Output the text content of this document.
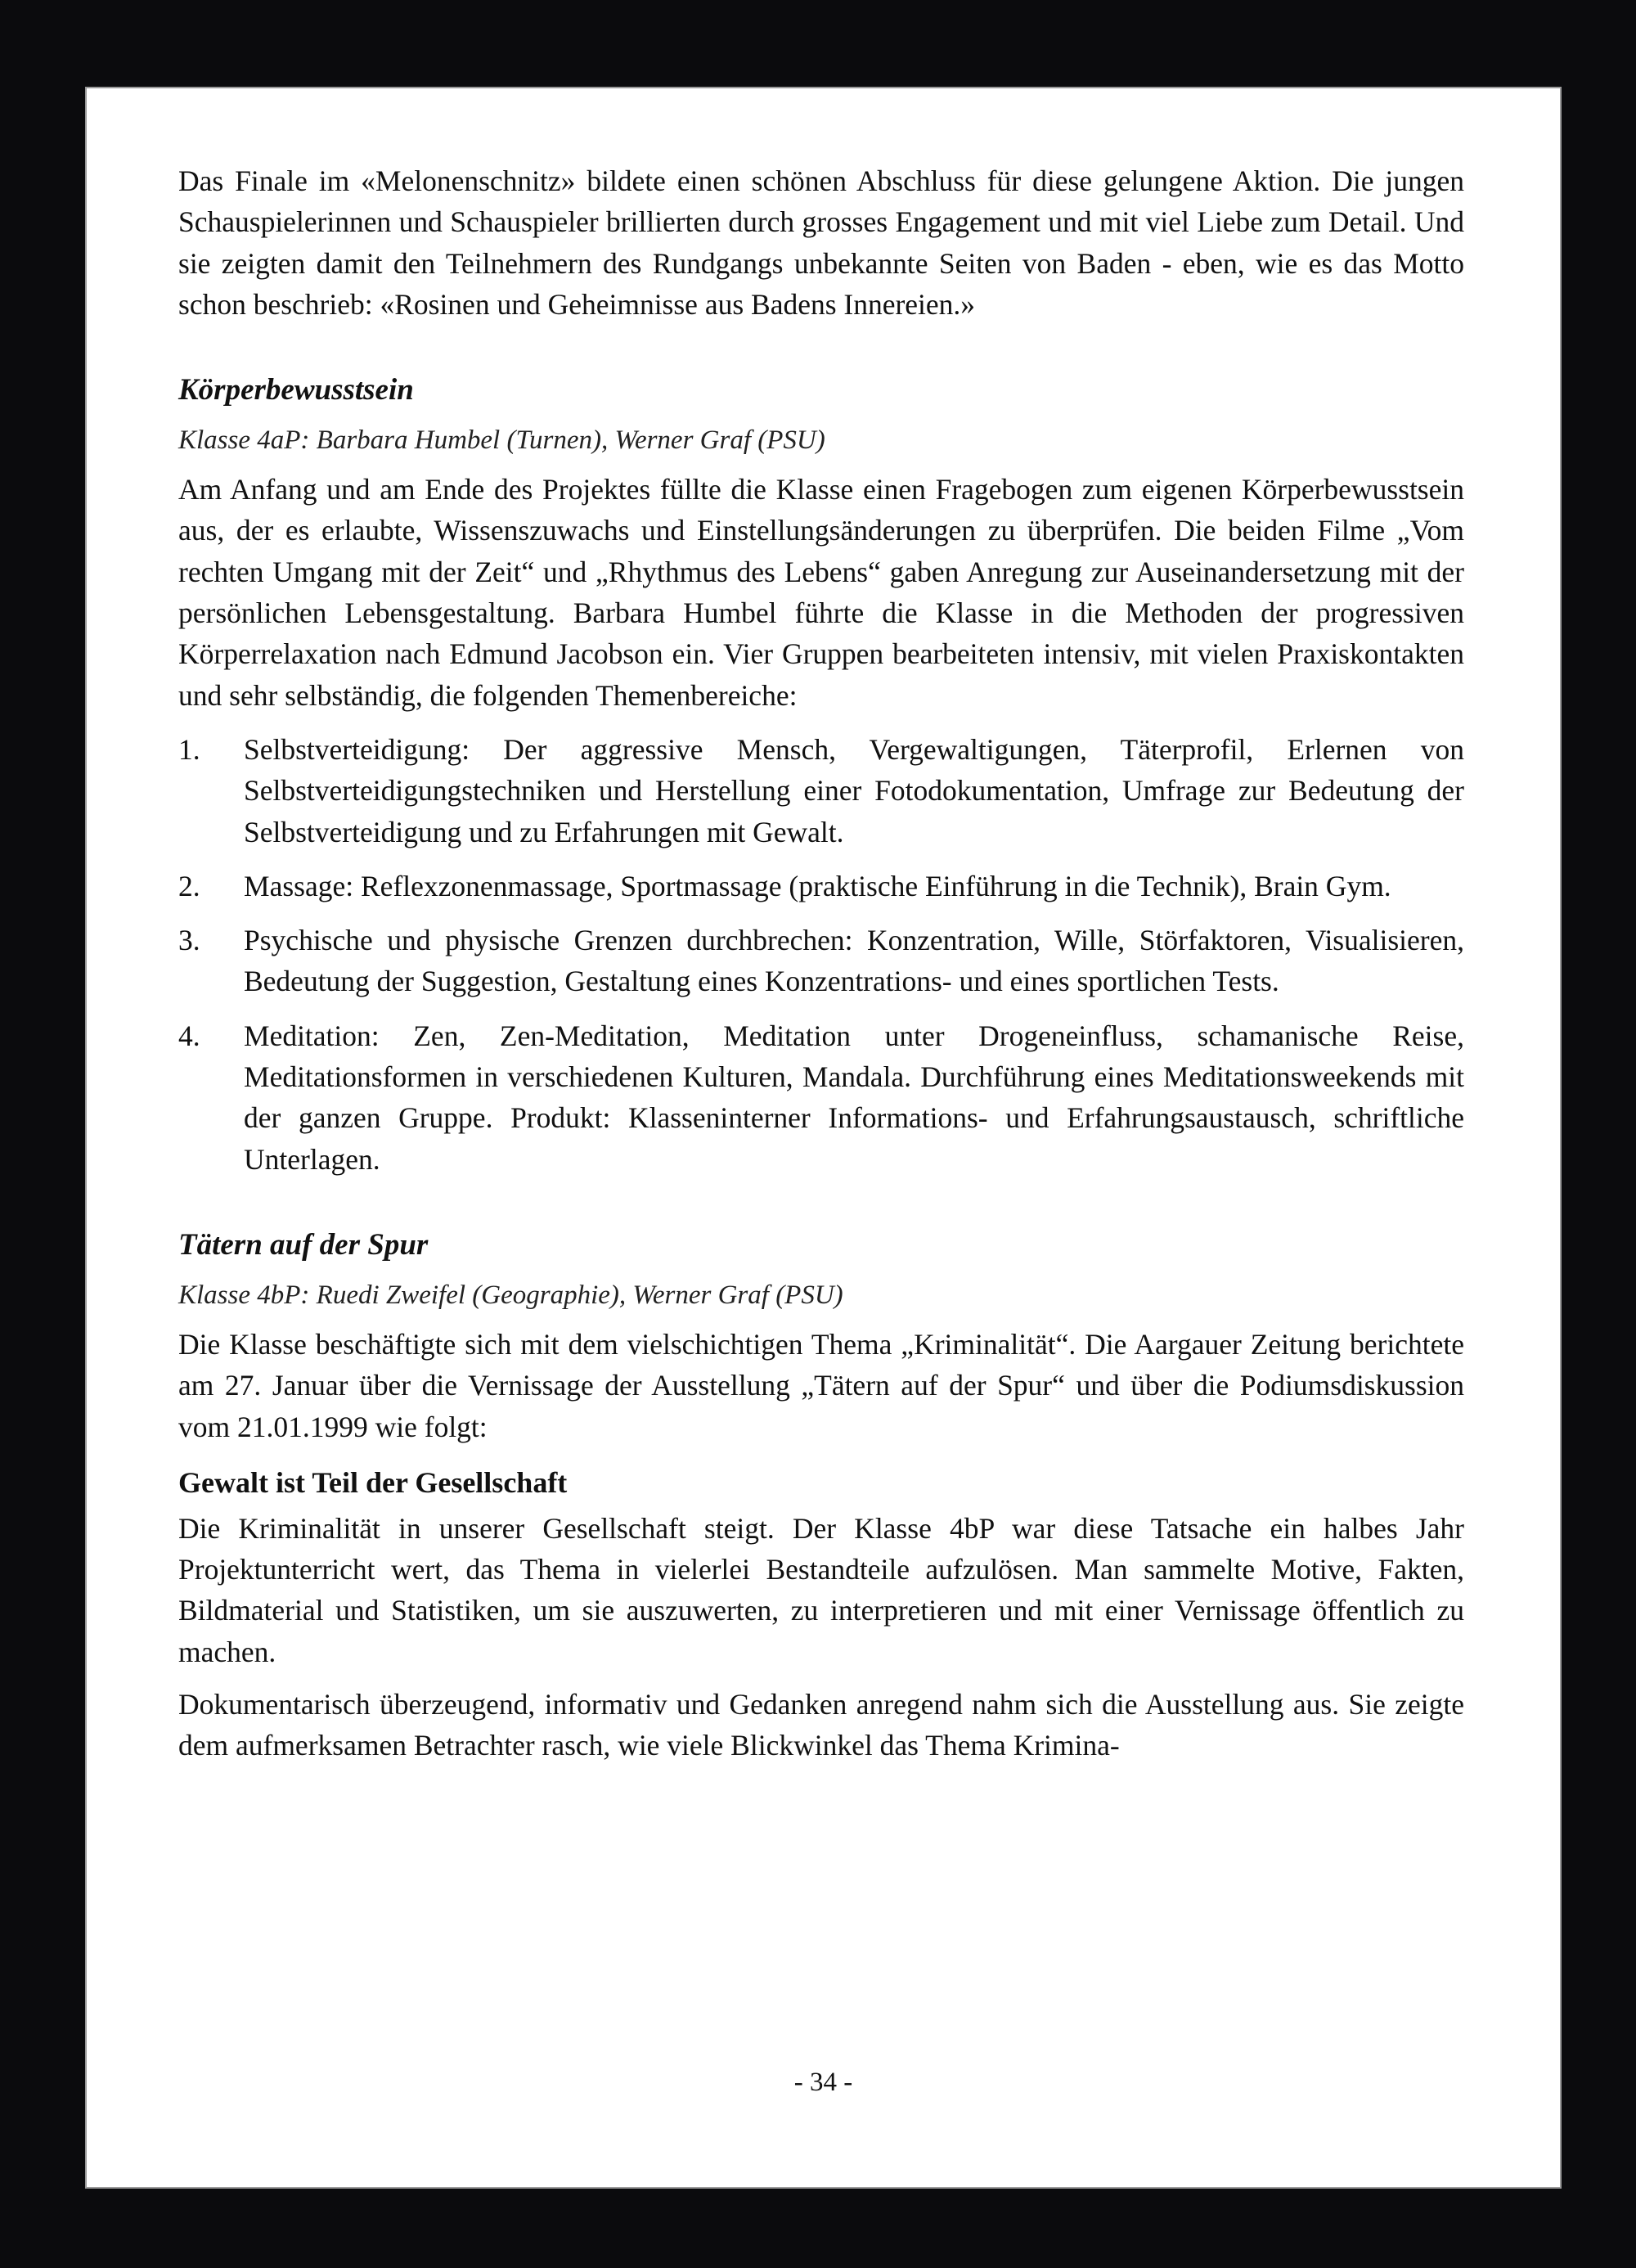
Das Finale im «Melonenschnitz» bildete einen schönen Abschluss für diese gelungene Aktion. Die jungen Schauspielerinnen und Schauspieler brillierten durch grosses Engagement und mit viel Liebe zum Detail. Und sie zeigten damit den Teilnehmern des Rundgangs unbekannte Seiten von Baden - eben, wie es das Motto schon beschrieb: «Rosinen und Geheimnisse aus Badens Innereien.»

Körperbewusstsein
Klasse 4aP: Barbara Humbel (Turnen), Werner Graf (PSU)

Am Anfang und am Ende des Projektes füllte die Klasse einen Fragebogen zum eigenen Körperbewusstsein aus, der es erlaubte, Wissenszuwachs und Einstellungsänderungen zu überprüfen. Die beiden Filme „Vom rechten Umgang mit der Zeit“ und „Rhythmus des Lebens“ gaben Anregung zur Auseinandersetzung mit der persönlichen Lebensgestaltung. Barbara Humbel führte die Klasse in die Methoden der progressiven Körperrelaxation nach Edmund Jacobson ein. Vier Gruppen bearbeiteten intensiv, mit vielen Praxiskontakten und sehr selbständig, die folgenden Themenbereiche:

1.	Selbstverteidigung: Der aggressive Mensch, Vergewaltigungen, Täterprofil, Erlernen von Selbstverteidigungstechniken und Herstellung einer Fotodokumentation, Umfrage zur Bedeutung der Selbstverteidigung und zu Erfahrungen mit Gewalt.
2.	Massage: Reflexzonenmassage, Sportmassage (praktische Einführung in die Technik), Brain Gym.
3.	Psychische und physische Grenzen durchbrechen: Konzentration, Wille, Störfaktoren, Visualisieren, Bedeutung der Suggestion, Gestaltung eines Konzentrations- und eines sportlichen Tests.
4.	Meditation: Zen, Zen-Meditation, Meditation unter Drogeneinfluss, schamanische Reise, Meditationsformen in verschiedenen Kulturen, Mandala. Durchführung eines Meditationsweekends mit der ganzen Gruppe. Produkt: Klasseninterner Informations- und Erfahrungsaustausch, schriftliche Unterlagen.
Tätern auf der Spur
Klasse 4bP: Ruedi Zweifel (Geographie), Werner Graf (PSU)

Die Klasse beschäftigte sich mit dem vielschichtigen Thema „Kriminalität“. Die Aargauer Zeitung berichtete am 27. Januar über die Vernissage der Ausstellung „Tätern auf der Spur“ und über die Podiumsdiskussion vom 21.01.1999 wie folgt:

Gewalt ist Teil der Gesellschaft

Die Kriminalität in unserer Gesellschaft steigt. Der Klasse 4bP war diese Tatsache ein halbes Jahr Projektunterricht wert, das Thema in vielerlei Bestandteile aufzulösen. Man sammelte Motive, Fakten, Bildmaterial und Statistiken, um sie auszuwerten, zu interpretieren und mit einer Vernissage öffentlich zu machen.

Dokumentarisch überzeugend, informativ und Gedanken anregend nahm sich die Ausstellung aus. Sie zeigte dem aufmerksamen Betrachter rasch, wie viele Blickwinkel das Thema Krimina-

- 34 -
